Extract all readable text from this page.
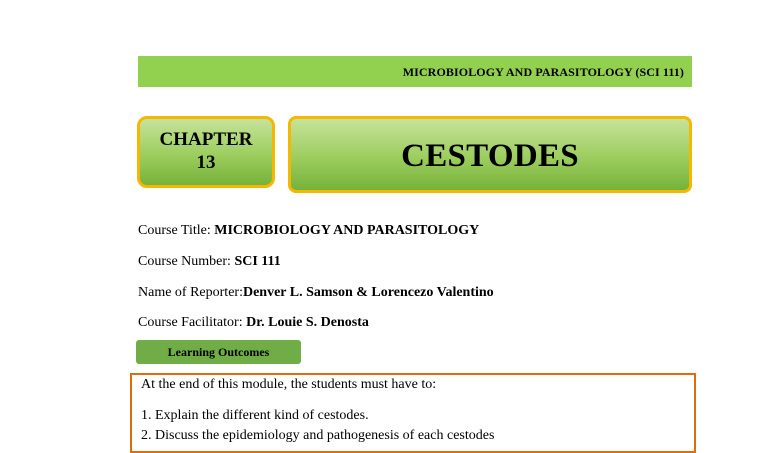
MICROBIOLOGY AND PARASITOLOGY (SCI 111)
CHAPTER
13	CESTODES
Course Title: MICROBIOLOGY AND PARASITOLOGY
Course Number: SCI 111
Name of Reporter:Denver L. Samson & Lorencezo Valentino
Course Facilitator: Dr. Louie S. Denosta
Learning Outcomes
At the end of this module, the students must have to:
1. Explain the different kind of cestodes.
2. Discuss the epidemiology and pathogenesis of each cestodes
